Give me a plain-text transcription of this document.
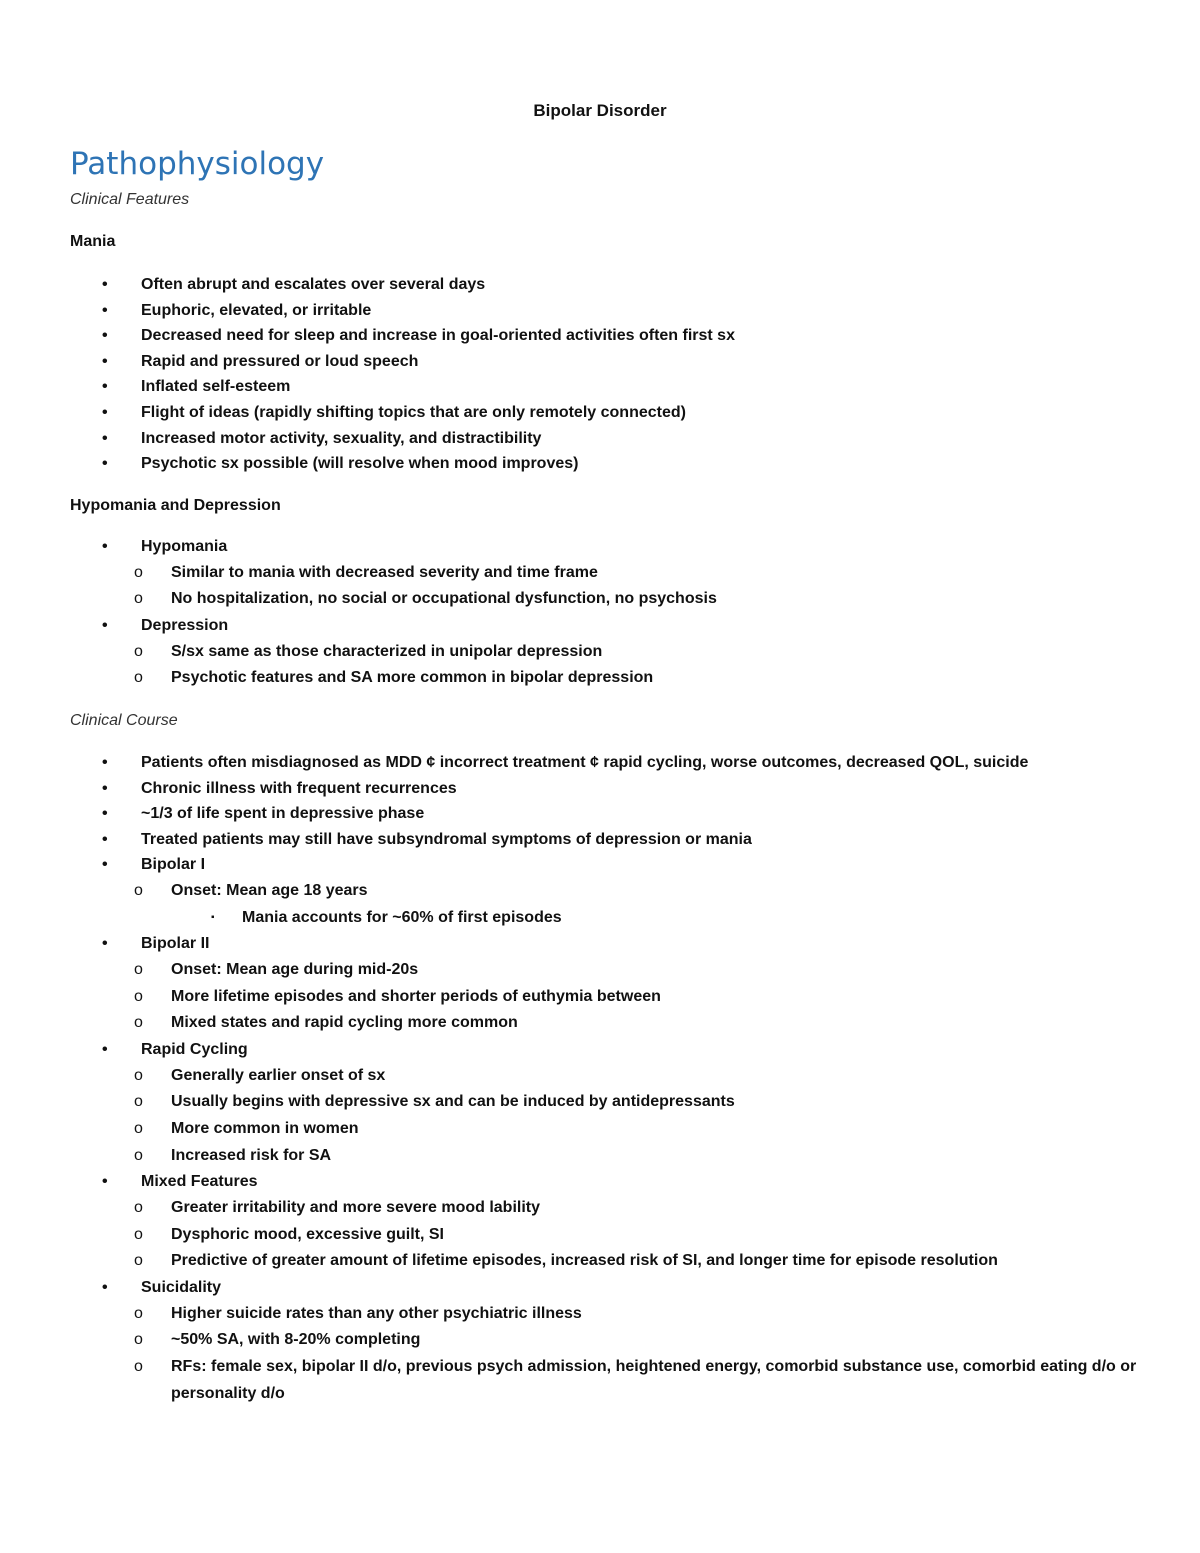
Bipolar Disorder
Pathophysiology
Clinical Features
Mania
• Often abrupt and escalates over several days
• Euphoric, elevated, or irritable
• Decreased need for sleep and increase in goal-oriented activities often first sx
• Rapid and pressured or loud speech
• Inflated self-esteem
• Flight of ideas (rapidly shifting topics that are only remotely connected)
• Increased motor activity, sexuality, and distractibility
• Psychotic sx possible (will resolve when mood improves)
Hypomania and Depression
• Hypomania
o Similar to mania with decreased severity and time frame
o No hospitalization, no social or occupational dysfunction, no psychosis
• Depression
o S/sx same as those characterized in unipolar depression
o Psychotic features and SA more common in bipolar depression
Clinical Course
• Patients often misdiagnosed as MDD ¢ incorrect treatment ¢ rapid cycling, worse outcomes, decreased QOL, suicide
• Chronic illness with frequent recurrences
• ~1/3 of life spent in depressive phase
• Treated patients may still have subsyndromal symptoms of depression or mania
• Bipolar I
o Onset: Mean age 18 years
▪ Mania accounts for ~60% of first episodes
• Bipolar II
o Onset: Mean age during mid-20s
o More lifetime episodes and shorter periods of euthymia between
o Mixed states and rapid cycling more common
• Rapid Cycling
o Generally earlier onset of sx
o Usually begins with depressive sx and can be induced by antidepressants
o More common in women
o Increased risk for SA
• Mixed Features
o Greater irritability and more severe mood lability
o Dysphoric mood, excessive guilt, SI
o Predictive of greater amount of lifetime episodes, increased risk of SI, and longer time for episode resolution
• Suicidality
o Higher suicide rates than any other psychiatric illness
o ~50% SA, with 8-20% completing
o RFs: female sex, bipolar II d/o, previous psych admission, heightened energy, comorbid substance use, comorbid eating d/o or personality d/o
